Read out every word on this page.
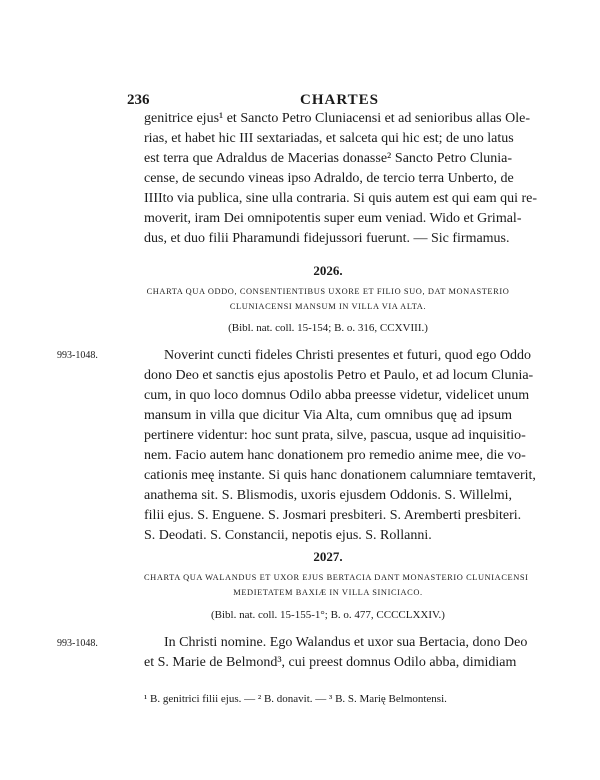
236	CHARTES
genitrice ejus¹ et Sancto Petro Cluniacensi et ad senioribus allas Ole-
rias, et habet hic III sextariadas, et salceta qui hic est; de uno latus
est terra que Adraldus de Macerias donasse² Sancto Petro Clunia-
cense, de secundo vineas ipso Adraldo, de tercio terra Unberto, de
IIIIto via publica, sine ulla contraria. Si quis autem est qui eam qui re-
moverit, iram Dei omnipotentis super eum veniad. Wido et Grimal-
dus, et duo filii Pharamundi fidejussori fuerunt. — Sic firmamus.
2026.
CHARTA QUA ODDO, CONSENTIENTIBUS UXORE ET FILIO SUO, DAT MONASTERIO
CLUNIACENSI MANSUM IN VILLA VIA ALTA.
(Bibl. nat. coll. 15-154; B. o. 316, CCXVIII.)
993-1048.	Noverint cuncti fideles Christi presentes et futuri, quod ego Oddo
dono Deo et sanctis ejus apostolis Petro et Paulo, et ad locum Clunia-
cum, in quo loco domnus Odilo abba preesse videtur, videlicet unum
mansum in villa que dicitur Via Alta, cum omnibus quę ad ipsum
pertinere videntur: hoc sunt prata, silve, pascua, usque ad inquisitio-
nem. Facio autem hanc donationem pro remedio anime mee, die vo-
cationis meę instante. Si quis hanc donationem calumniare temtaverit,
anathema sit. S. Blismodis, uxoris ejusdem Oddonis. S. Willelmi,
filii ejus. S. Enguene. S. Josmari presbiteri. S. Aremberti presbiteri.
S. Deodati. S. Constancii, nepotis ejus. S. Rollanni.
2027.
CHARTA QUA WALANDUS ET UXOR EJUS BERTACIA DANT MONASTERIO CLUNIACENSI
MEDIETATEM BAXIÆ IN VILLA SINICIACO.
(Bibl. nat. coll. 15-155-1°; B. o. 477, CCCCLXXIV.)
993-1048.	In Christi nomine. Ego Walandus et uxor sua Bertacia, dono Deo
et S. Marie de Belmond³, cui preest domnus Odilo abba, dimidiam
¹ B. genitrici filii ejus. — ² B. donavit. — ³ B. S. Marię Belmontensi.
